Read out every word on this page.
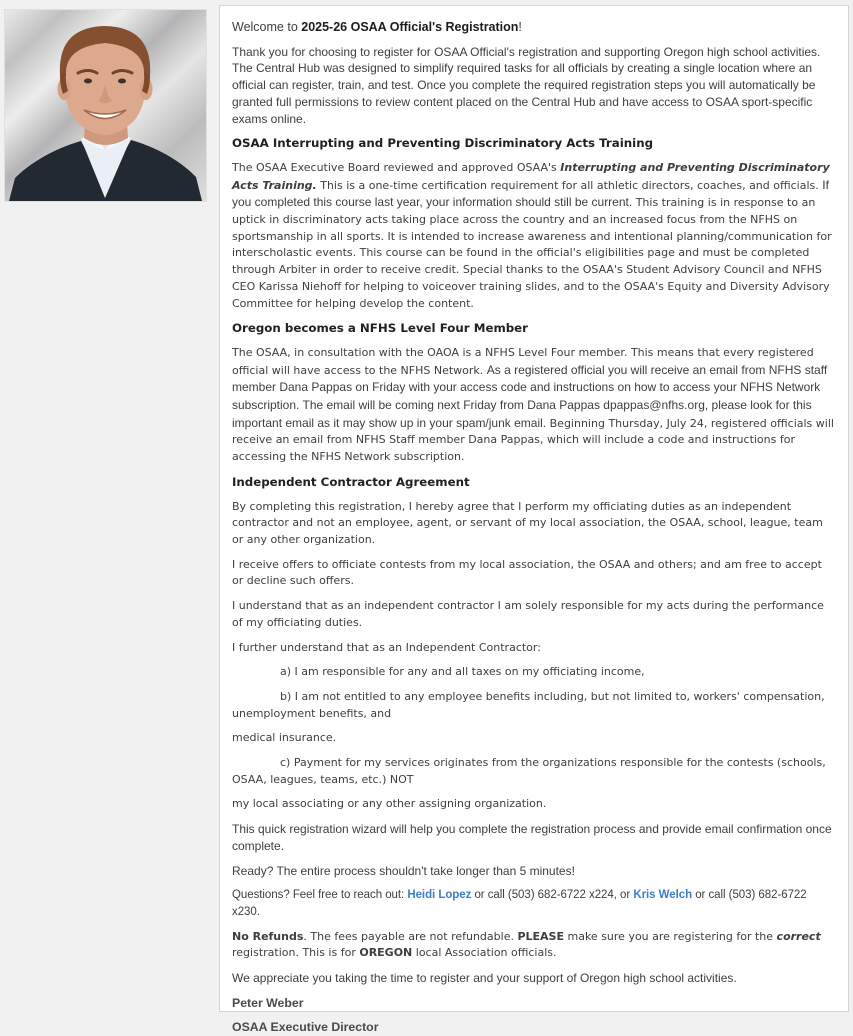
Welcome to 2025-26 OSAA Official's Registration!

Thank you for choosing to register for OSAA Official's registration and supporting Oregon high school activities. The Central Hub was designed to simplify required tasks for all officials by creating a single location where an official can register, train, and test. Once you complete the required registration steps you will automatically be granted full permissions to review content placed on the Central Hub and have access to OSAA sport-specific exams online.

OSAA Interrupting and Preventing Discriminatory Acts Training

The OSAA Executive Board reviewed and approved OSAA's Interrupting and Preventing Discriminatory Acts Training. This is a one-time certification requirement for all athletic directors, coaches, and officials. If you completed this course last year, your information should still be current. This training is in response to an uptick in discriminatory acts taking place across the country and an increased focus from the NFHS on sportsmanship in all sports. It is intended to increase awareness and intentional planning/communication for interscholastic events. This course can be found in the official's eligibilities page and must be completed through Arbiter in order to receive credit. Special thanks to the OSAA's Student Advisory Council and NFHS CEO Karissa Niehoff for helping to voiceover training slides, and to the OSAA's Equity and Diversity Advisory Committee for helping develop the content.

Oregon becomes a NFHS Level Four Member

The OSAA, in consultation with the OAOA is a NFHS Level Four member. This means that every registered official will have access to the NFHS Network. As a registered official you will receive an email from NFHS staff member Dana Pappas on Friday with your access code and instructions on how to access your NFHS Network subscription. The email will be coming next Friday from Dana Pappas dpappas@nfhs.org, please look for this important email as it may show up in your spam/junk email. Beginning Thursday, July 24, registered officials will receive an email from NFHS Staff member Dana Pappas, which will include a code and instructions for accessing the NFHS Network subscription.

Independent Contractor Agreement

By completing this registration, I hereby agree that I perform my officiating duties as an independent contractor and not an employee, agent, or servant of my local association, the OSAA, school, league, team or any other organization.

I receive offers to officiate contests from my local association, the OSAA and others; and am free to accept or decline such offers.

I understand that as an independent contractor I am solely responsible for my acts during the performance of my officiating duties.

I further understand that as an Independent Contractor:

a) I am responsible for any and all taxes on my officiating income,

b) I am not entitled to any employee benefits including, but not limited to, workers' compensation, unemployment benefits, and

medical insurance.

c) Payment for my services originates from the organizations responsible for the contests (schools, OSAA, leagues, teams, etc.) NOT

my local associating or any other assigning organization.

This quick registration wizard will help you complete the registration process and provide email confirmation once complete.

Ready? The entire process shouldn't take longer than 5 minutes!

Questions? Feel free to reach out: Heidi Lopez or call (503) 682-6722 x224, or Kris Welch or call (503) 682-6722 x230.

No Refunds. The fees payable are not refundable. PLEASE make sure you are registering for the correct registration. This is for OREGON local Association officials.

We appreciate you taking the time to register and your support of Oregon high school activities.

Peter Weber

OSAA Executive Director
